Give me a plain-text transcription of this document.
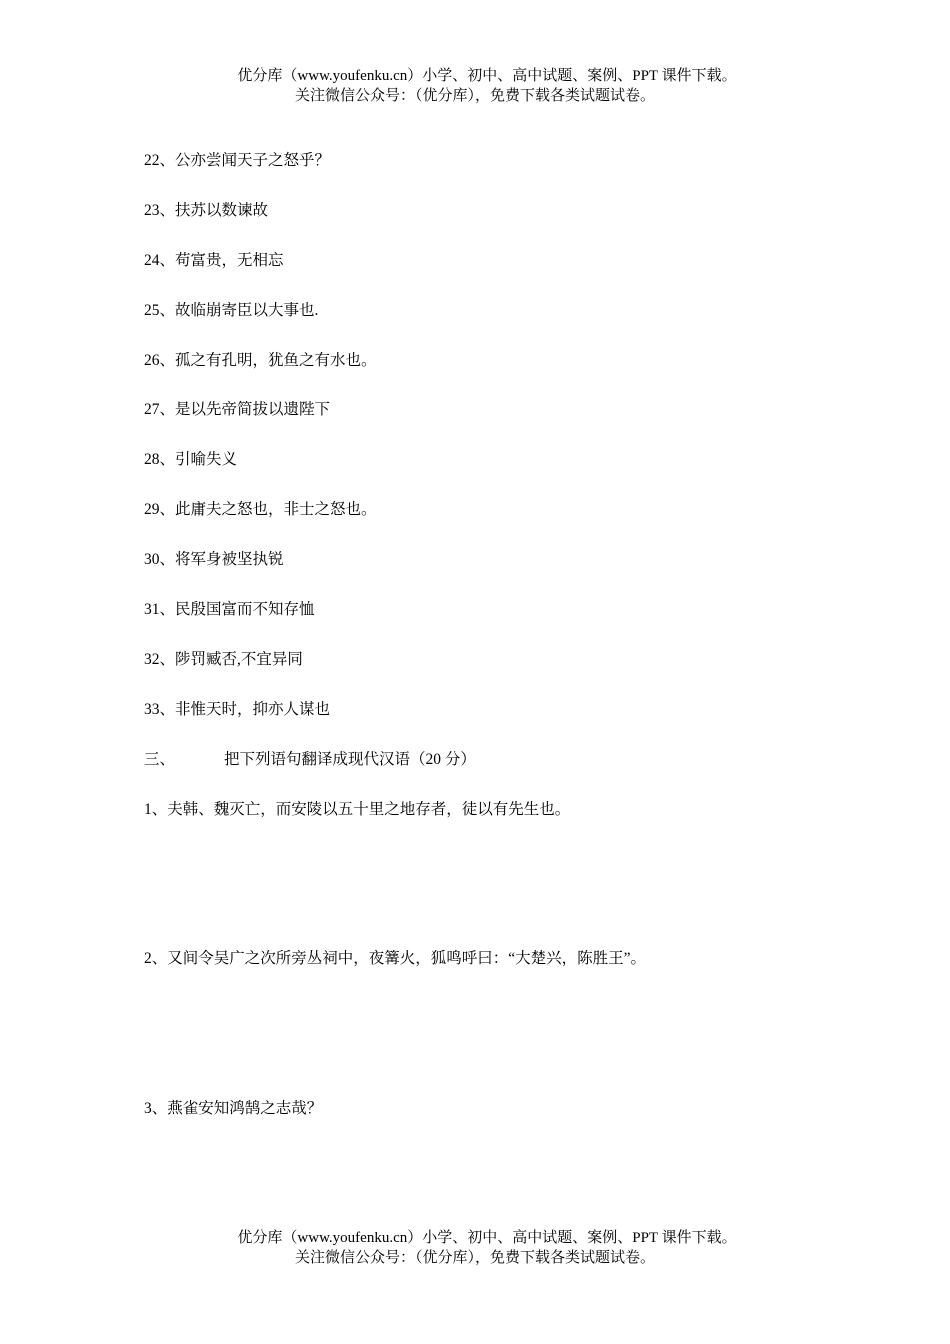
优分库（www.youfenku.cn）小学、初中、高中试题、案例、PPT 课件下载。
关注微信公众号：（优分库），免费下载各类试题试卷。
22、公亦尝闻天子之怒乎？
23、扶苏以数谏故
24、苟富贵，无相忘
25、故临崩寄臣以大事也.
26、孤之有孔明，犹鱼之有水也。
27、是以先帝简拔以遗陛下
28、引喻失义
29、此庸夫之怒也，非士之怒也。
30、将军身被坚执锐
31、民殷国富而不知存恤
32、陟罚臧否,不宜异同
33、非惟天时，抑亦人谋也
三、	把下列语句翻译成现代汉语（20 分）
1、夫韩、魏灭亡，而安陵以五十里之地存者，徒以有先生也。
2、又间令吴广之次所旁丛祠中，夜篝火，狐鸣呼曰：“大楚兴，陈胜王”。
3、燕雀安知鸿鹄之志哉？
优分库（www.youfenku.cn）小学、初中、高中试题、案例、PPT 课件下载。
关注微信公众号：（优分库），免费下载各类试题试卷。
